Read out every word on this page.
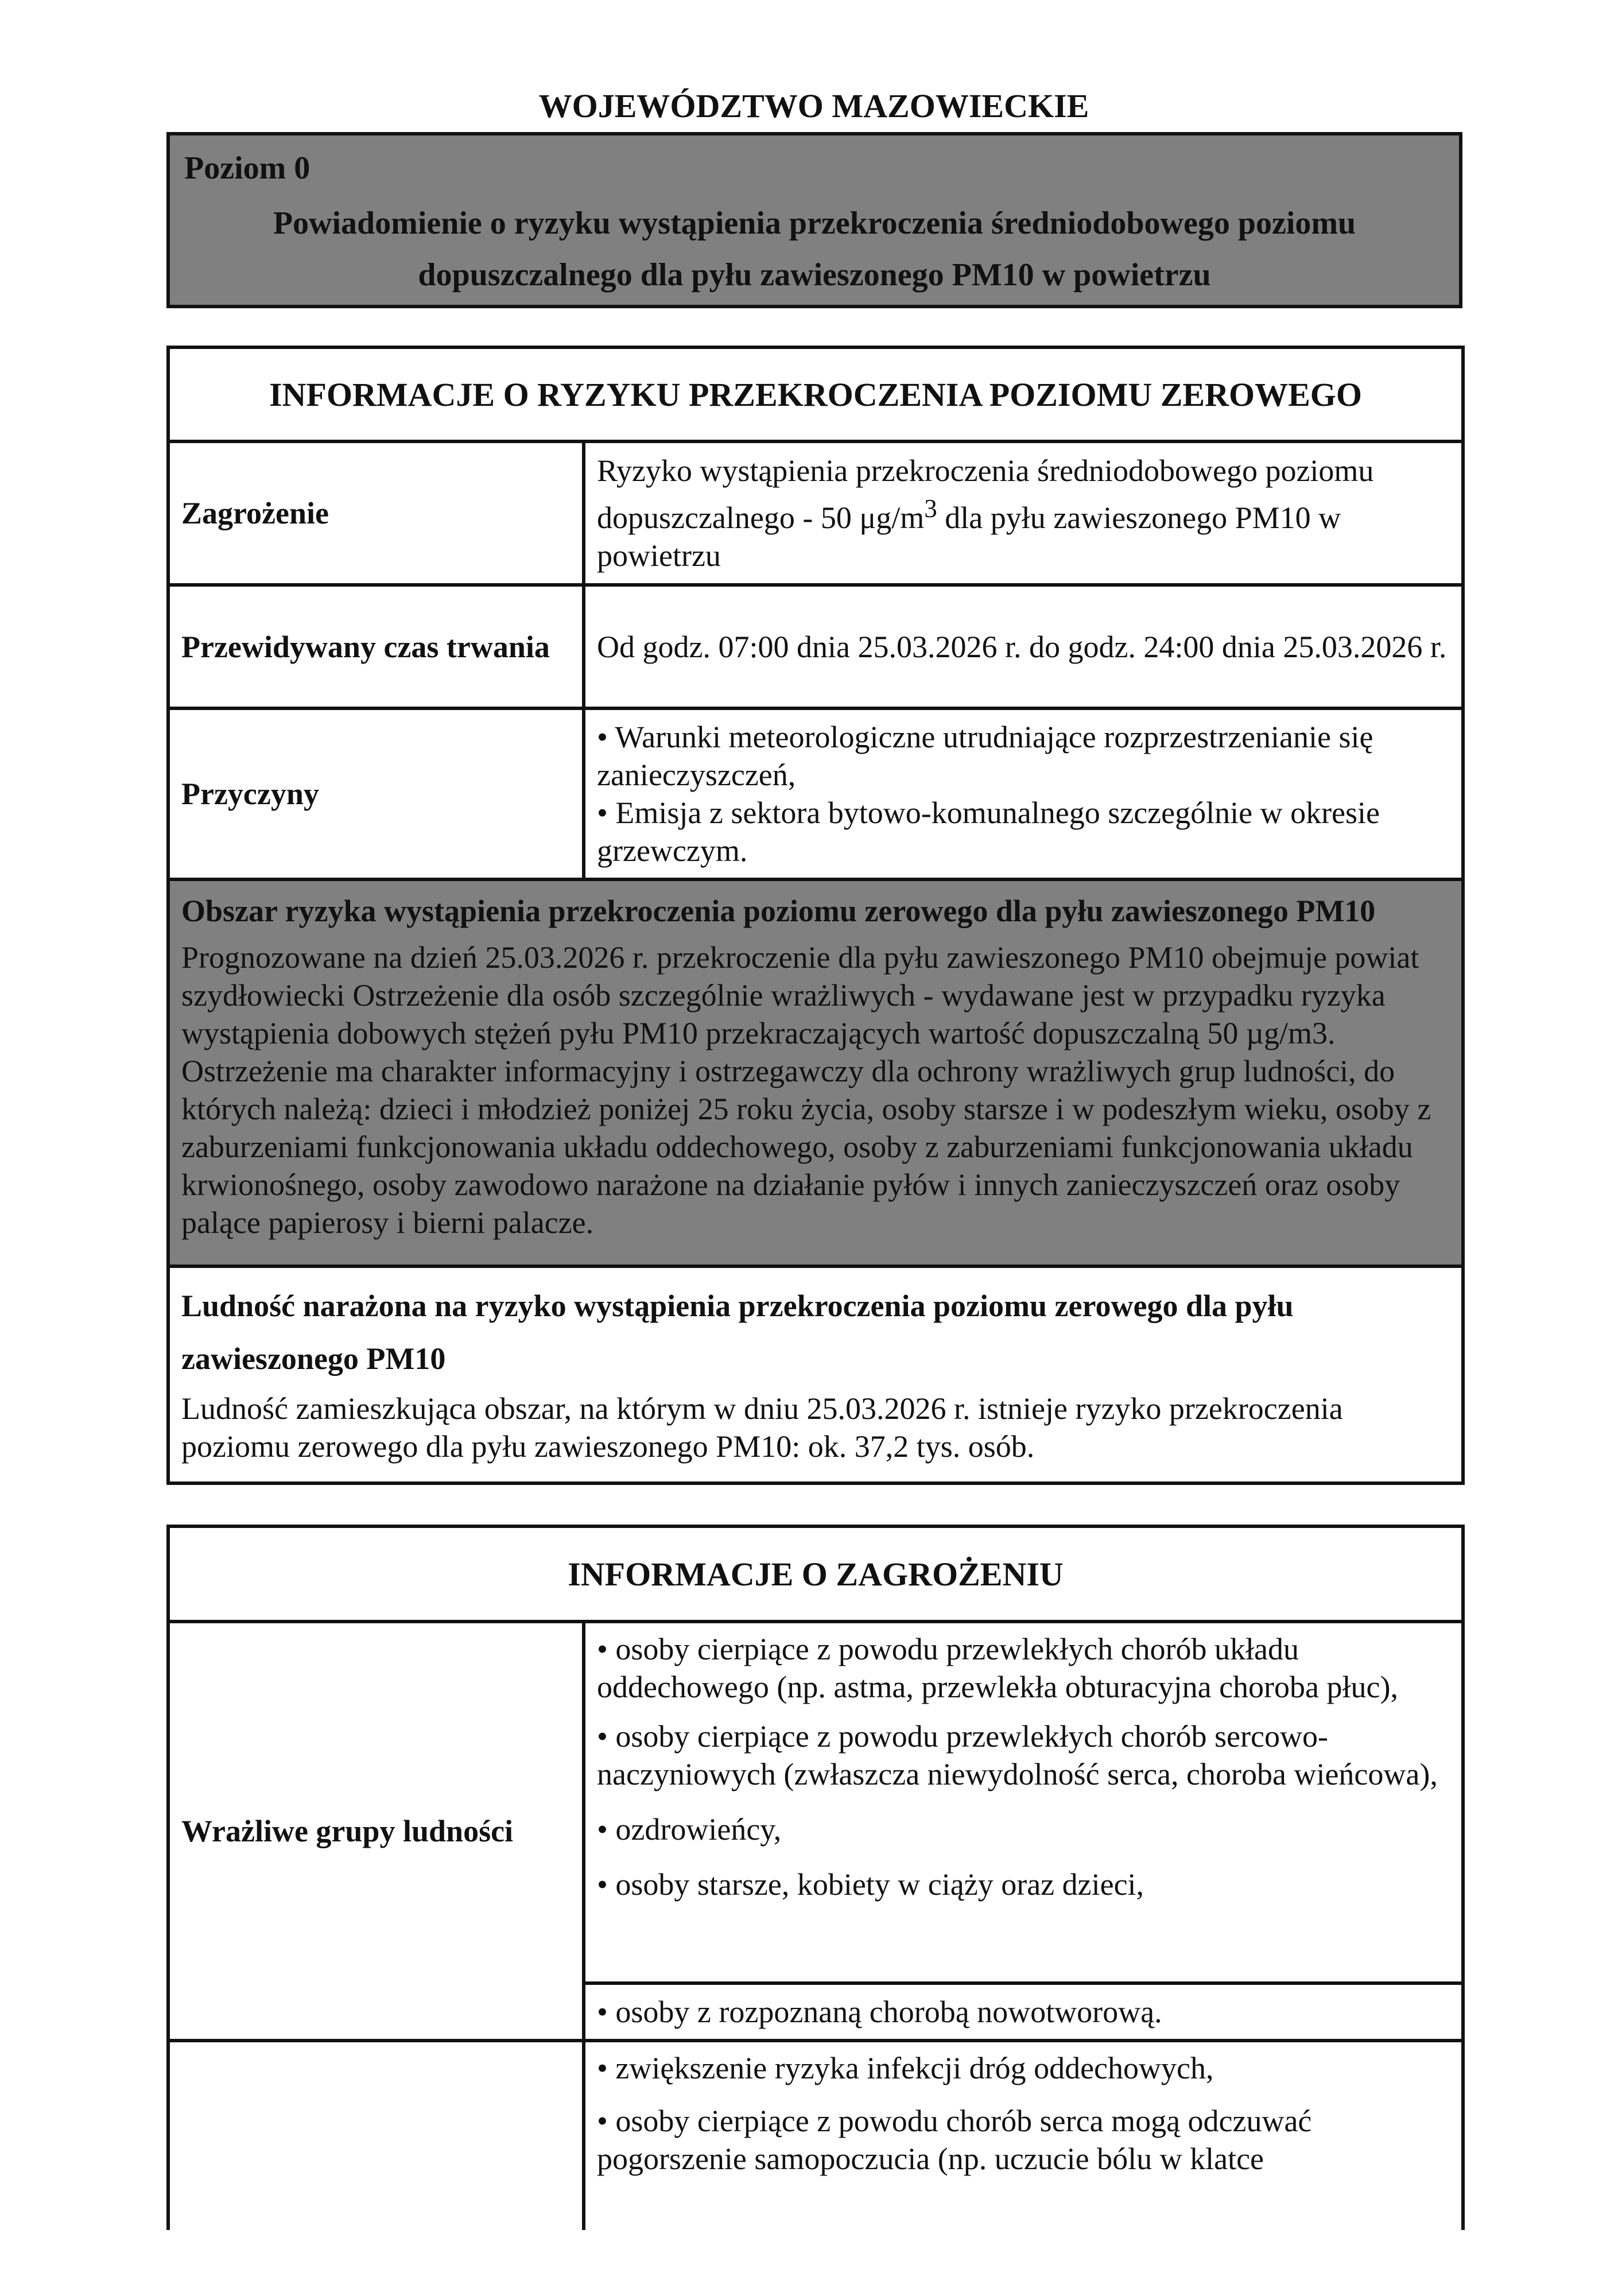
WOJEWÓDZTWO MAZOWIECKIE
Poziom 0
Powiadomienie o ryzyku wystąpienia przekroczenia średniodobowego poziomu dopuszczalnego dla pyłu zawieszonego PM10 w powietrzu
INFORMACJE O RYZYKU PRZEKROCZENIA POZIOMU ZEROWEGO	
Zagrożenie	Ryzyko wystąpienia przekroczenia średniodobowego poziomu dopuszczalnego - 50 $\mu g/m^3$ dla pyłu zawieszonego PM10 w powietrzu
Przewidywany czas trwania	Od godz. 07:00 dnia 25.03.2026 r. do godz. 24:00 dnia 25.03.2026 r.
Przyczyny	• Warunki meteorologiczne utrudniające rozprzestrzenianie się zanieczyszczeń,
• Emisja z sektora bytowo-komunalnego szczególnie w okresie grzewczym.

Obszar ryzyka wystąpienia przekroczenia poziomu zerowego dla pyłu zawieszonego PM10
Prognozowane na dzień 25.03.2026 r. przekroczenie dla pyłu zawieszonego PM10 obejmuje powiat szydłowiecki Ostrzeżenie dla osób szczególnie wrażliwych - wydawane jest w przypadku ryzyka wystąpienia dobowych stężeń pyłu PM10 przekraczających wartość dopuszczalną 50 µg/m3. Ostrzeżenie ma charakter informacyjny i ostrzegawczy dla ochrony wrażliwych grup ludności, do których należą: dzieci i młodzież poniżej 25 roku życia, osoby starsze i w podeszłym wieku, osoby z zaburzeniami funkcjonowania układu oddechowego, osoby z zaburzeniami funkcjonowania układu krwionośnego, osoby zawodowo narażone na działanie pyłów i innych zanieczyszczeń oraz osoby palące papierosy i bierni palacze.	

Ludność narażona na ryzyko wystąpienia przekroczenia poziomu zerowego dla pyłu zawieszonego PM10
Ludność zamieszkująca obszar, na którym w dniu 25.03.2026 r. istnieje ryzyko przekroczenia poziomu zerowego dla pyłu zawieszonego PM10: ok. 37,2 tys. osób.	
INFORMACJE O ZAGROŻENIU	
Wrażliwe grupy ludności	• osoby cierpiące z powodu przewlekłych chorób układu oddechowego (np. astma, przewlekła obturacyjna choroba płuc),
• osoby cierpiące z powodu przewlekłych chorób sercowo-naczyniowych (zwłaszcza niewydolność serca, choroba wieńcowa),
• ozdrowieńcy,
• osoby starsze, kobiety w ciąży oraz dzieci,

	• osoby z rozpoznaną chorobą nowotworową.

	• zwiększenie ryzyka infekcji dróg oddechowych,
• osoby cierpiące z powodu chorób serca mogą odczuwać pogorszenie samopoczucia (np. uczucie bólu w klatce
